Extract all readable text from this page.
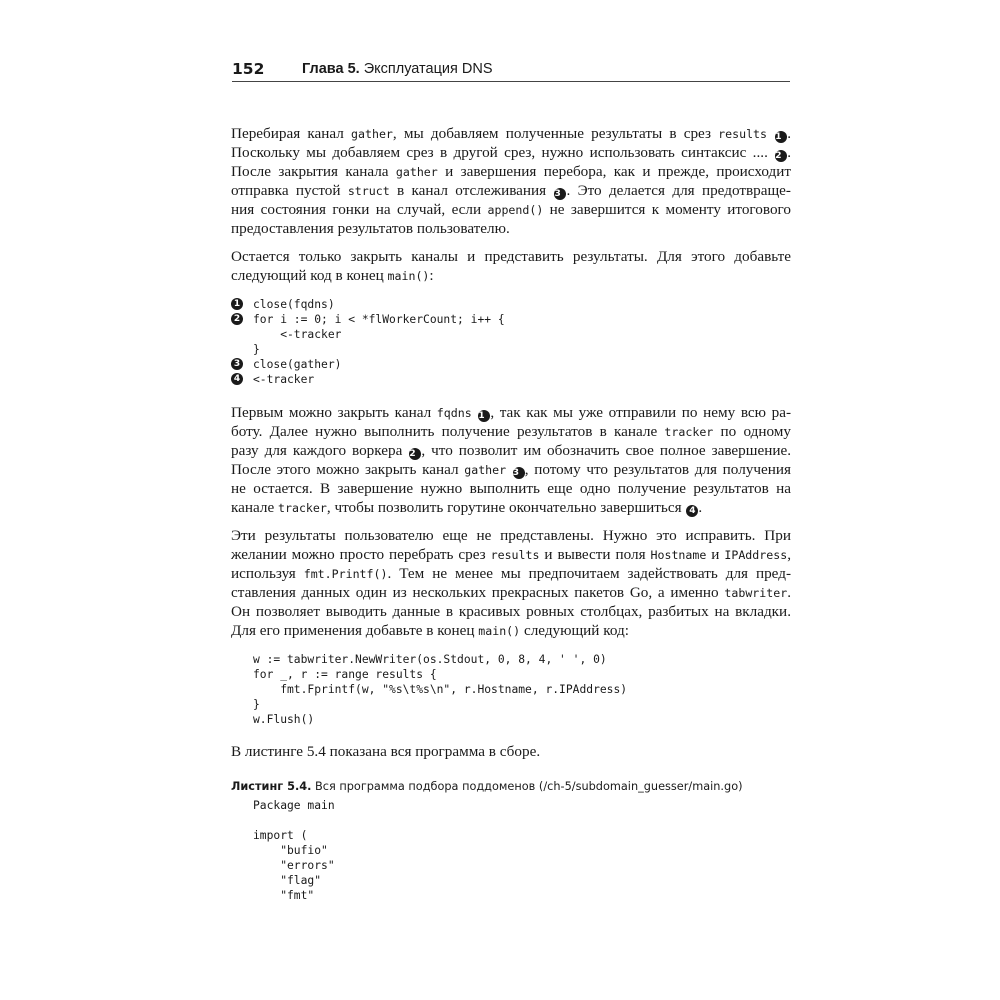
152	Глава 5. Эксплуатация DNS
Перебирая канал gather, мы добавляем полученные результаты в срез results 1 .
Поскольку мы добавляем срез в другой срез, нужно использовать синтаксис .... 2 .
После закрытия канала gather и завершения перебора, как и прежде, происходит
отправка пустой struct в канал отслеживания 3 . Это делается для предотвраще-
ния состояния гонки на случай, если append() не завершится к моменту итогового
предоставления результатов пользователю.
Остается только закрыть каналы и представить результаты. Для этого добавьте
следующий код в конец main():
1 close(fqdns)
2 for i := 0; i < *flWorkerCount; i++ {
<-tracker
}
3 close(gather)
4 <-tracker
Первым можно закрыть канал fqdns 1 , так как мы уже отправили по нему всю ра-
боту. Далее нужно выполнить получение результатов в канале tracker по одному
разу для каждого воркера 2 , что позволит им обозначить свое полное завершение.
После этого можно закрыть канал gather 3 , потому что результатов для получения
не остается. В завершение нужно выполнить еще одно получение результатов на
канале tracker, чтобы позволить горутине окончательно завершиться 4 .
Эти результаты пользователю еще не представлены. Нужно это исправить. При
желании можно просто перебрать срез results и вывести поля Hostname и IPAddress,
используя fmt.Printf(). Тем не менее мы предпочитаем задействовать для пред-
ставления данных один из нескольких прекрасных пакетов Go, а именно tabwriter.
Он позволяет выводить данные в красивых ровных столбцах, разбитых на вкладки.
Для его применения добавьте в конец main() следующий код:
w := tabwriter.NewWriter(os.Stdout, 0, 8, 4, ' ', 0)
for _, r := range results {
fmt.Fprintf(w, "%s\t%s\n", r.Hostname, r.IPAddress)
}
w.Flush()
В листинге 5.4 показана вся программа в сборе.
Листинг 5.4. Вся программа подбора поддоменов (/ch-5/subdomain_guesser/main.go)
Package main
import (
"bufio"
"errors"
"flag"
"fmt"
